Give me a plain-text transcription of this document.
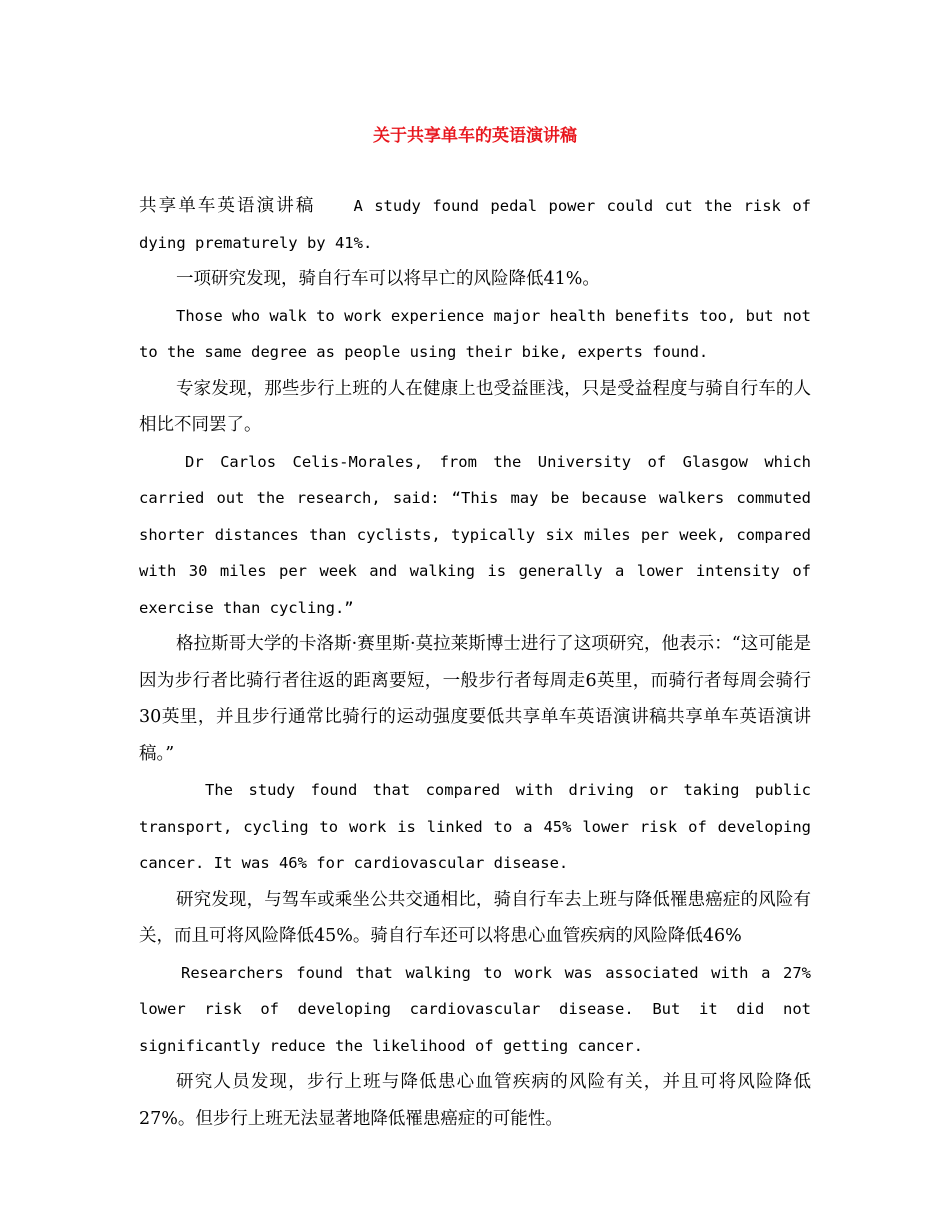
关于共享单车的英语演讲稿

共享单车英语演讲稿 A study found pedal power could cut the risk of dying prematurely by 41%.

一项研究发现，骑自行车可以将早亡的风险降低41%。

Those who walk to work experience major health benefits too, but not to the same degree as people using their bike, experts found.

专家发现，那些步行上班的人在健康上也受益匪浅，只是受益程度与骑自行车的人相比不同罢了。

Dr Carlos Celis-Morales, from the University of Glasgow which carried out the research, said: “This may be because walkers commuted shorter distances than cyclists, typically six miles per week, compared with 30 miles per week and walking is generally a lower intensity of exercise than cycling.”

格拉斯哥大学的卡洛斯·赛里斯·莫拉莱斯博士进行了这项研究，他表示：“这可能是因为步行者比骑行者往返的距离要短，一般步行者每周走6英里，而骑行者每周会骑行30英里，并且步行通常比骑行的运动强度要低共享单车英语演讲稿共享单车英语演讲稿。”

The study found that compared with driving or taking public transport, cycling to work is linked to a 45% lower risk of developing cancer. It was 46% for cardiovascular disease.

研究发现，与驾车或乘坐公共交通相比，骑自行车去上班与降低罹患癌症的风险有关，而且可将风险降低45%。骑自行车还可以将患心血管疾病的风险降低46%

Researchers found that walking to work was associated with a 27% lower risk of developing cardiovascular disease. But it did not significantly reduce the likelihood of getting cancer.

研究人员发现，步行上班与降低患心血管疾病的风险有关，并且可将风险降低27%。但步行上班无法显著地降低罹患癌症的可能性。
